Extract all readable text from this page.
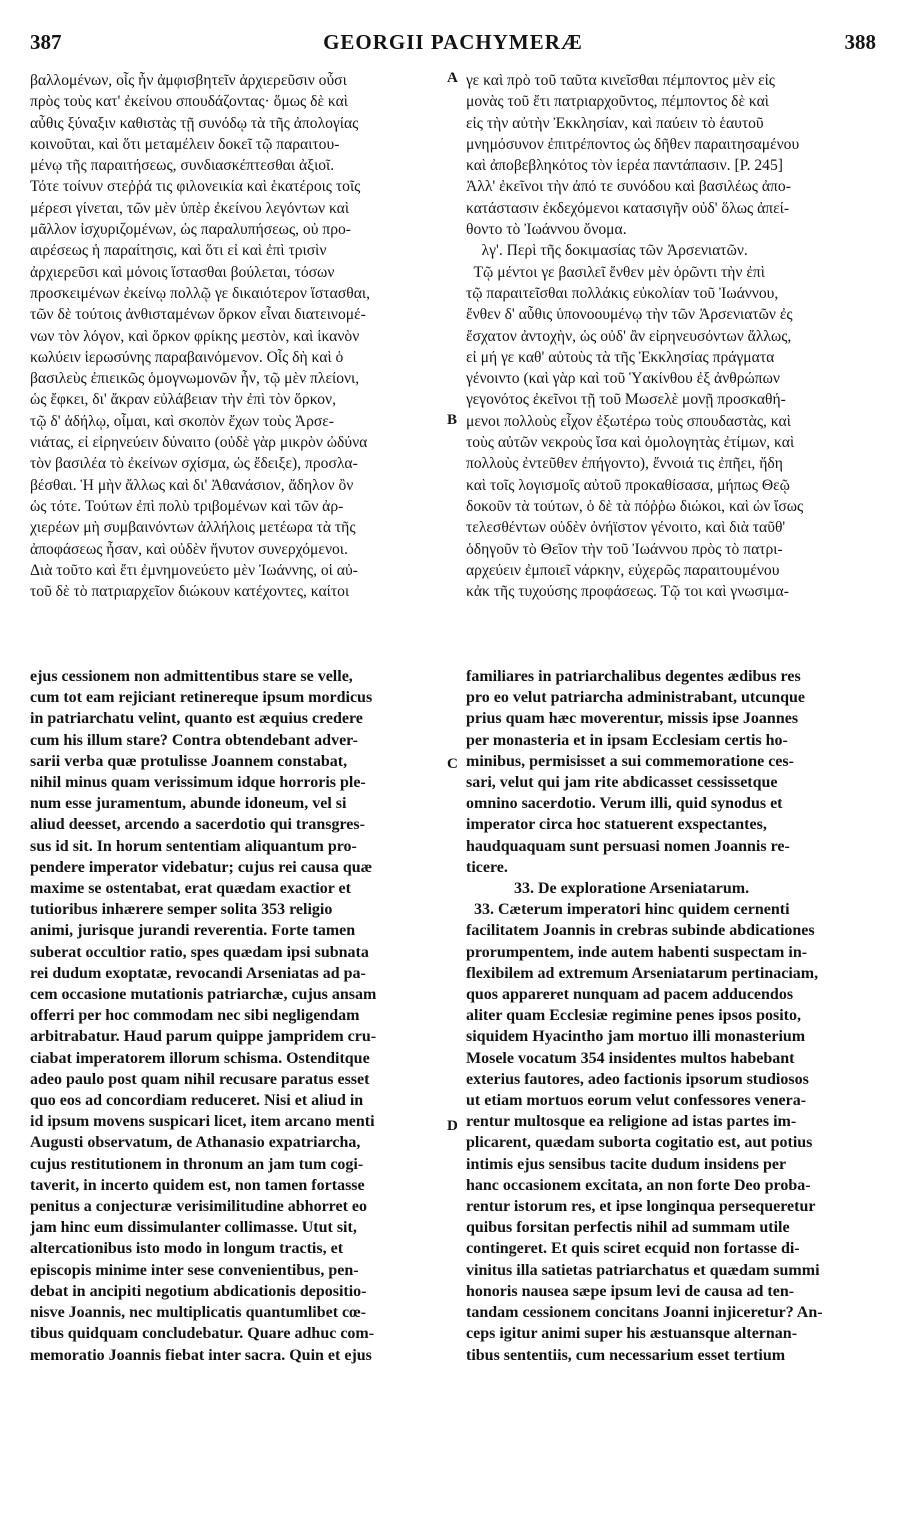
387	GEORGII PACHYMERÆ	388
βαλλομένων, οἷς ἦν ἀμφισβητεῖν ἀρχιερεῦσιν οὖσι
πρὸς τοὺς κατ' ἐκείνου σπουδάζοντας· ὅμως δὲ καὶ
αὖθις ξύναξιν καθιστὰς τῇ συνόδῳ τὰ τῆς ἀπολογίας
κοινοῦται, καὶ ὅτι μεταμέλειν δοκεῖ τῷ παραιτου-
μένῳ τῆς παραιτήσεως, συνδιασκέπτεσθαι ἀξιοῖ.
Τότε τοίνυν στεῤῥά τις φιλονεικία καὶ ἑκατέροις τοῖς
μέρεσι γίνεται, τῶν μὲν ὑπὲρ ἐκείνου λεγόντων καὶ
μᾶλλον ἰσχυριζομένων, ὡς παραλυπήσεως, οὐ προ-
αιρέσεως ἡ παραίτησις, καὶ ὅτι εἰ καὶ ἐπὶ τρισὶν
ἀρχιερεῦσι καὶ μόνοις ἵστασθαι βούλεται, τόσων
προσκειμένων ἐκείνῳ πολλῷ γε δικαιότερον ἵστασθαι,
τῶν δὲ τούτοις ἀνθισταμένων ὅρκον εἶναι διατεινομέ-
νων τὸν λόγον, καὶ ὅρκον φρίκης μεστὸν, καὶ ἱκανὸν
κωλύειν ἱερωσύνης παραβαινόμενον. Οἷς δὴ καὶ ὁ
βασιλεὺς ἐπιεικῶς ὁμογνωμονῶν ἦν, τῷ μὲν πλείονι,
ὡς ἔφκει, δι' ἄκραν εὐλάβειαν τὴν ἐπὶ τὸν ὅρκον,
τῷ δ' ἀδήλῳ, οἶμαι, καὶ σκοπὸν ἔχων τοὺς Ἀρσε-
νιάτας, εἰ εἰρηνεύειν δύναιτο (οὐδὲ γὰρ μικρὸν ὠδύνα
τὸν βασιλέα τὸ ἐκείνων σχίσμα, ὡς ἔδειξε), προσλα-
βέσθαι. Ἡ μὴν ἄλλως καὶ δι' Ἀθανάσιον, ἄδηλον ὂν
ὡς τότε. Τούτων ἐπὶ πολὺ τριβομένων καὶ τῶν ἀρ-
χιερέων μὴ συμβαινόντων ἀλλήλοις μετέωρα τὰ τῆς
ἀποφάσεως ἦσαν, καὶ οὐδὲν ἤνυτον συνερχόμενοι.
Διὰ τοῦτο καὶ ἔτι ἐμνημονεύετο μὲν Ἰωάννης, οἱ αὐ-
τοῦ δὲ τὸ πατριαρχεῖον διώκουν κατέχοντες, καίτοι
γε καὶ πρὸ τοῦ ταῦτα κινεῖσθαι πέμποντος μὲν εἰς
μονὰς τοῦ ἔτι πατριαρχοῦντος, πέμποντος δὲ καὶ
εἰς τὴν αὐτὴν Ἐκκλησίαν, καὶ παύειν τὸ ἑαυτοῦ
μνημόσυνον ἐπιτρέποντος ὡς δῆθεν παραιτησαμένου
καὶ ἀποβεβληκότος τὸν ἱερέα παντάπασιν. [P. 245]
Ἀλλ' ἐκεῖνοι τὴν ἀπό τε συνόδου καὶ βασιλέως ἀπο-
κατάστασιν ἐκδεχόμενοι κατασιγῆν οὐδ' ὅλως ἀπεί-
θοντο τὸ Ἰωάννου ὄνομα.
λγ'. Περὶ τῆς δοκιμασίας τῶν Ἀρσενιατῶν.
Τῷ μέντοι γε βασιλεῖ ἔνθεν μὲν ὁρῶντι τὴν ἐπὶ
τῷ παραιτεῖσθαι πολλάκις εὐκολίαν τοῦ Ἰωάννου,
ἔνθεν δ' αὖθις ὑπονοουμένῳ τὴν τῶν Ἀρσενιατῶν ἐς
ἔσχατον ἀντοχὴν, ὡς οὐδ' ἂν εἰρηνευσόντων ἄλλως,
εἰ μή γε καθ' αὑτοὺς τὰ τῆς Ἐκκλησίας πράγματα
γένοιντο (καὶ γὰρ καὶ τοῦ Ὑακίνθου ἐξ ἀνθρώπων
γεγονότος ἐκεῖνοι τῇ τοῦ Μωσελὲ μονῇ προσκαθή-
μενοι πολλοὺς εἶχον ἐξωτέρω τοὺς σπουδαστὰς, καὶ
τοὺς αὐτῶν νεκροὺς ἴσα καὶ ὁμολογητὰς ἐτίμων, καὶ
πολλοὺς ἐντεῦθεν ἐπήγοντο), ἔννοιά τις ἐπῆει, ἤδη
καὶ τοῖς λογισμοῖς αὐτοῦ προκαθίσασα, μήπως Θεῷ
δοκοῦν τὰ τούτων, ὁ δὲ τὰ πόῤῥω διώκοι, καὶ ὡν ἴσως
τελεσθέντων οὐδὲν ὀνήϊστον γένοιτο, καὶ διὰ ταῦθ'
ὁδηγοῦν τὸ Θεῖον τὴν τοῦ Ἰωάννου πρὸς τὸ πατρι-
αρχεύειν ἐμποιεῖ νάρκην, εὐχερῶς παραιτουμένου
κἀκ τῆς τυχούσης προφάσεως. Τῷ τοι καὶ γνωσιμα-
A
B
C
D
ejus cessionem non admittentibus stare se velle,
cum tot eam rejiciant retinereque ipsum mordicus
in patriarchatu velint, quanto est æquius credere
cum his illum stare? Contra obtendebant adver-
sarii verba quæ protulisse Joannem constabat,
nihil minus quam verissimum idque horroris ple-
num esse juramentum, abunde idoneum, vel si
aliud deesset, arcendo a sacerdotio qui transgres-
sus id sit. In horum sententiam aliquantum pro-
pendere imperator videbatur; cujus rei causa quæ
maxime se ostentabat, erat quædam exactior et
tutioribus inhærere semper solita 353 religio
animi, jurisque jurandi reverentia. Forte tamen
suberat occultior ratio, spes quædam ipsi subnata
rei dudum exoptatæ, revocandi Arseniatas ad pa-
cem occasione mutationis patriarchæ, cujus ansam
offerri per hoc commodam nec sibi negligendam
arbitrabatur. Haud parum quippe jampridem cru-
ciabat imperatorem illorum schisma. Ostenditque
adeo paulo post quam nihil recusare paratus esset
quo eos ad concordiam reduceret. Nisi et aliud in
id ipsum movens suspicari licet, item arcano menti
Augusti observatum, de Athanasio expatriarcha,
cujus restitutionem in thronum an jam tum cogi-
taverit, in incerto quidem est, non tamen fortasse
penitus a conjecturæ verisimilitudine abhorret eo
jam hinc eum dissimulanter collimasse. Utut sit,
altercationibus isto modo in longum tractis, et
episcopis minime inter sese convenientibus, pen-
debat in ancipiti negotium abdicationis depositio-
nisve Joannis, nec multiplicatis quantumlibet cœ-
tibus quidquam concludebatur. Quare adhuc com-
memoratio Joannis fiebat inter sacra. Quin et ejus
familiares in patriarchalibus degentes ædibus res
pro eo velut patriarcha administrabant, utcunque
prius quam hæc moverentur, missis ipse Joannes
per monasteria et in ipsam Ecclesiam certis ho-
minibus, permisisset a sui commemoratione ces-
sari, velut qui jam rite abdicasset cessissetque
omnino sacerdotio. Verum illi, quid synodus et
imperator circa hoc statuerent exspectantes,
haudquaquam sunt persuasi nomen Joannis re-
ticere.
33. De exploratione Arseniatarum.
33. Cæterum imperatori hinc quidem cernenti
facilitatem Joannis in crebras subinde abdicationes
prorumpentem, inde autem habenti suspectam in-
flexibilem ad extremum Arseniatarum pertinaciam,
quos appareret nunquam ad pacem adducendos
aliter quam Ecclesiæ regimine penes ipsos posito,
siquidem Hyacintho jam mortuo illi monasterium
Mosele vocatum 354 insidentes multos habebant
exterius fautores, adeo factionis ipsorum studiosos
ut etiam mortuos eorum velut confessores venera-
rentur multosque ea religione ad istas partes im-
plicarent, quædam suborta cogitatio est, aut potius
intimis ejus sensibus tacite dudum insidens per
hanc occasionem excitata, an non forte Deo proba-
rentur istorum res, et ipse longinqua persequeretur
quibus forsitan perfectis nihil ad summam utile
contingeret. Et quis sciret ecquid non fortasse di-
vinitus illa satietas patriarchatus et quædam summi
honoris nausea sæpe ipsum levi de causa ad ten-
tandam cessionem concitans Joanni injiceretur? An-
ceps igitur animi super his æstuansque alternan-
tibus sententiis, cum necessarium esset tertium
